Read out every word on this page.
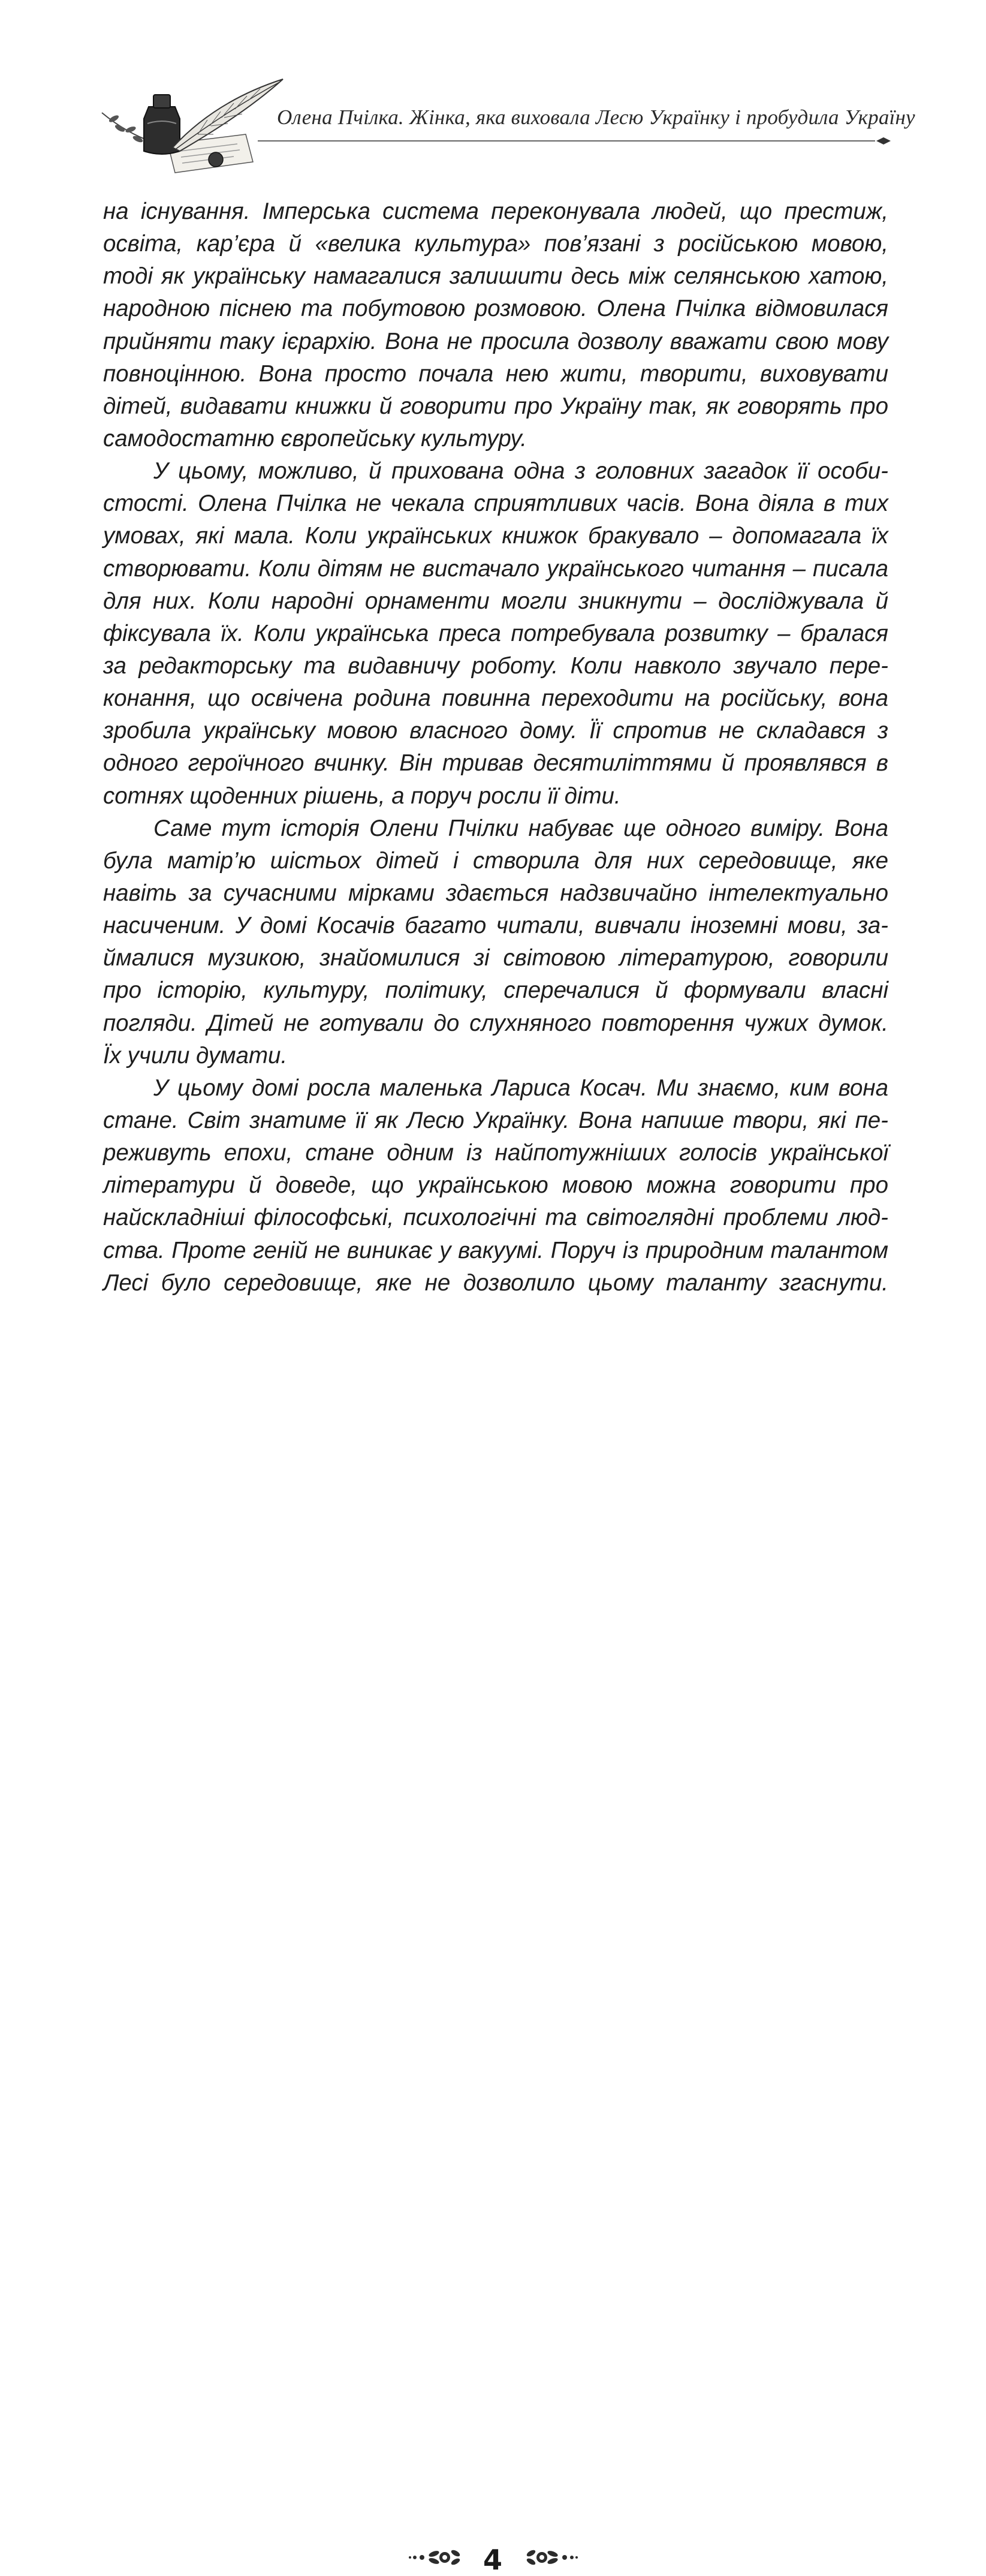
Олена Пчілка. Жінка, яка виховала Лесю Українку і пробудила Україну
на існування. Імперська система переконувала людей, що престиж,
освіта, кар’єра й «велика культура» пов’язані з російською мовою,
тоді як українську намагалися залишити десь між селянською хатою,
народною піснею та побутовою розмовою. Олена Пчілка відмовилася
прийняти таку ієрархію. Вона не просила дозволу вважати свою мову
повноцінною. Вона просто почала нею жити, творити, виховувати
дітей, видавати книжки й говорити про Україну так, як говорять про
самодостатню європейську культуру.
У цьому, можливо, й прихована одна з головних загадок її особи-
стості. Олена Пчілка не чекала сприятливих часів. Вона діяла в тих
умовах, які мала. Коли українських книжок бракувало – допомагала їх
створювати. Коли дітям не вистачало українського читання – писала
для них. Коли народні орнаменти могли зникнути – досліджувала й
фіксувала їх. Коли українська преса потребувала розвитку – бралася
за редакторську та видавничу роботу. Коли навколо звучало пере-
конання, що освічена родина повинна переходити на російську, вона
зробила українську мовою власного дому. Її спротив не складався з
одного героїчного вчинку. Він тривав десятиліттями й проявлявся в
сотнях щоденних рішень, а поруч росли її діти.
Саме тут історія Олени Пчілки набуває ще одного виміру. Вона
була матір’ю шістьох дітей і створила для них середовище, яке
навіть за сучасними мірками здається надзвичайно інтелектуально
насиченим. У домі Косачів багато читали, вивчали іноземні мови, за-
ймалися музикою, знайомилися зі світовою літературою, говорили
про історію, культуру, політику, сперечалися й формували власні
погляди. Дітей не готували до слухняного повторення чужих думок.
Їх учили думати.
У цьому домі росла маленька Лариса Косач. Ми знаємо, ким вона
стане. Світ знатиме її як Лесю Українку. Вона напише твори, які пе-
реживуть епохи, стане одним із найпотужніших голосів української
літератури й доведе, що українською мовою можна говорити про
найскладніші філософські, психологічні та світоглядні проблеми люд-
ства. Проте геній не виникає у вакуумі. Поруч із природним талантом
Лесі було середовище, яке не дозволило цьому таланту згаснути.
4
